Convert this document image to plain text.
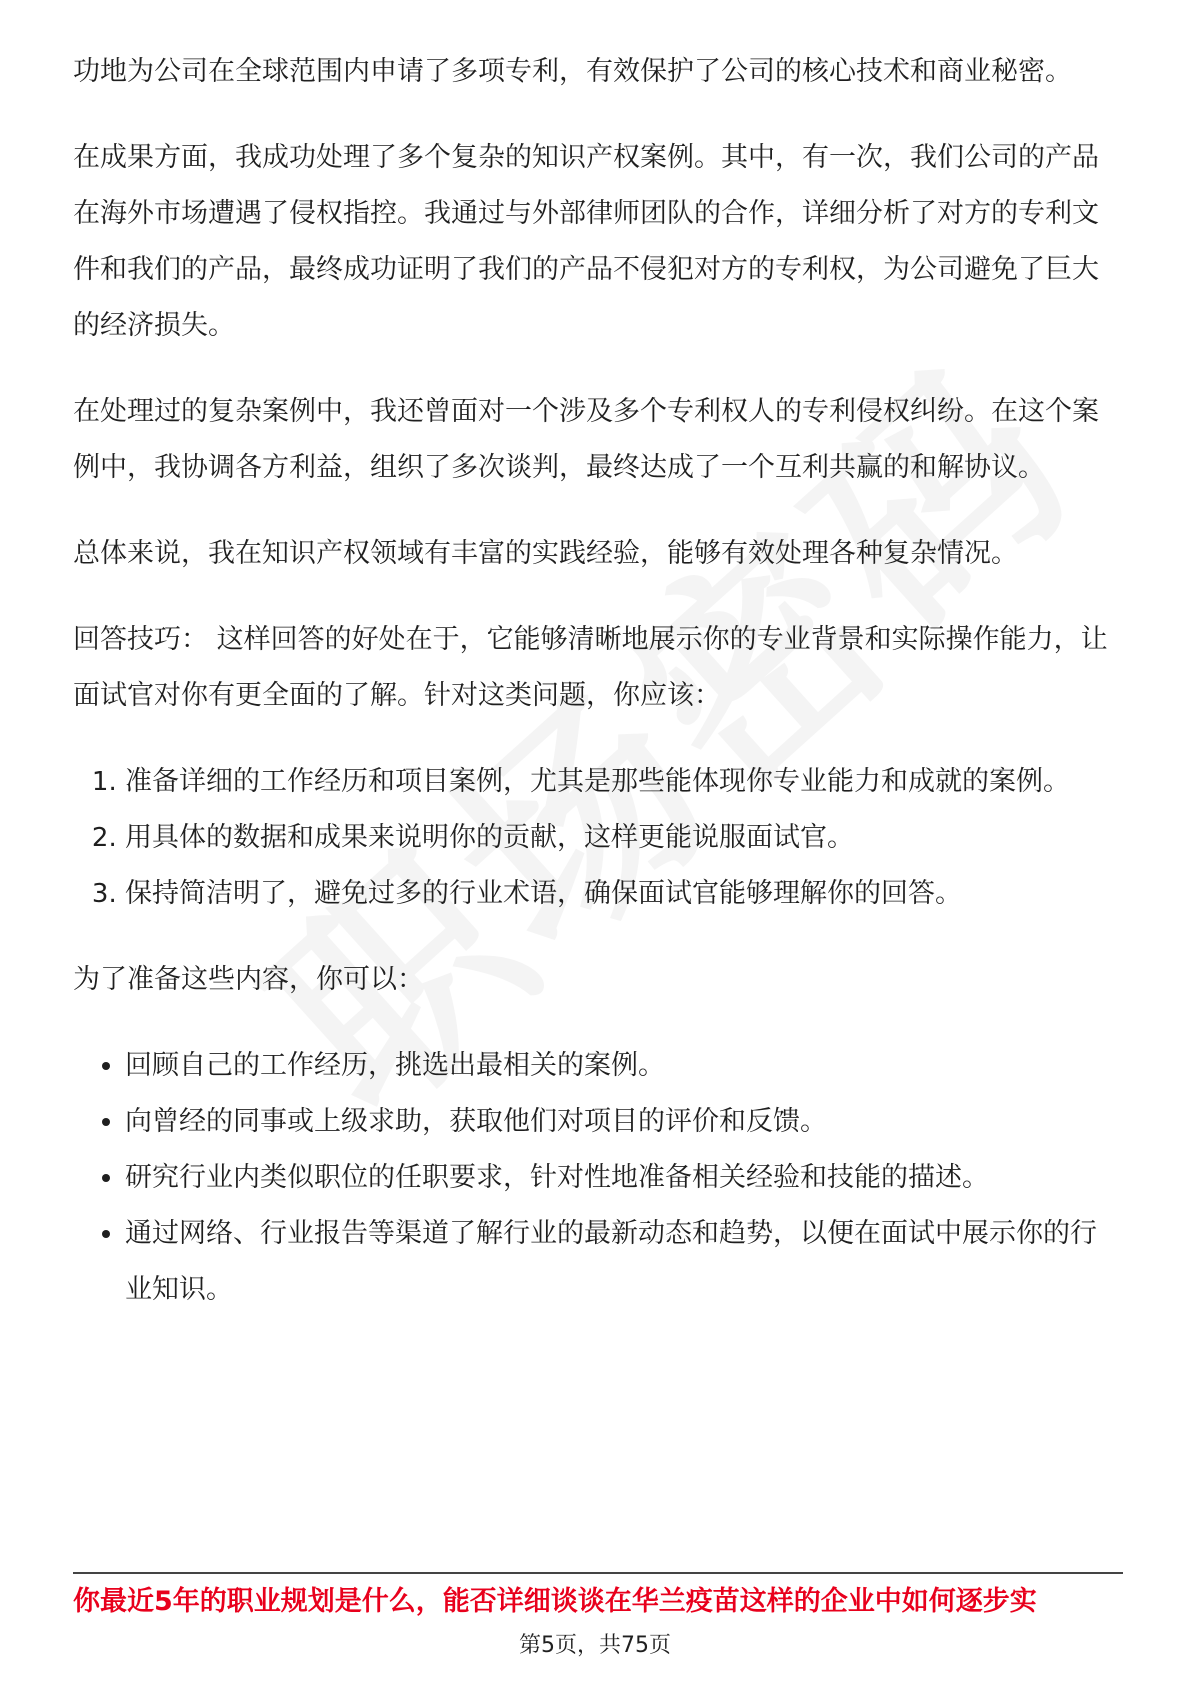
功地为公司在全球范围内申请了多项专利，有效保护了公司的核心技术和商业秘密。

在成果方面，我成功处理了多个复杂的知识产权案例。其中，有一次，我们公司的产品在海外市场遭遇了侵权指控。我通过与外部律师团队的合作，详细分析了对方的专利文件和我们的产品，最终成功证明了我们的产品不侵犯对方的专利权，为公司避免了巨大的经济损失。

在处理过的复杂案例中，我还曾面对一个涉及多个专利权人的专利侵权纠纷。在这个案例中，我协调各方利益，组织了多次谈判，最终达成了一个互利共赢的和解协议。

总体来说，我在知识产权领域有丰富的实践经验，能够有效处理各种复杂情况。

回答技巧： 这样回答的好处在于，它能够清晰地展示你的专业背景和实际操作能力，让面试官对你有更全面的了解。针对这类问题，你应该：

1. 准备详细的工作经历和项目案例，尤其是那些能体现你专业能力和成就的案例。
2. 用具体的数据和成果来说明你的贡献，这样更能说服面试官。
3. 保持简洁明了，避免过多的行业术语，确保面试官能够理解你的回答。

为了准备这些内容，你可以：

• 回顾自己的工作经历，挑选出最相关的案例。
• 向曾经的同事或上级求助，获取他们对项目的评价和反馈。
• 研究行业内类似职位的任职要求，针对性地准备相关经验和技能的描述。
• 通过网络、行业报告等渠道了解行业的最新动态和趋势，以便在面试中展示你的行业知识。
你最近5年的职业规划是什么，能否详细谈谈在华兰疫苗这样的企业中如何逐步实
第5页，共75页
